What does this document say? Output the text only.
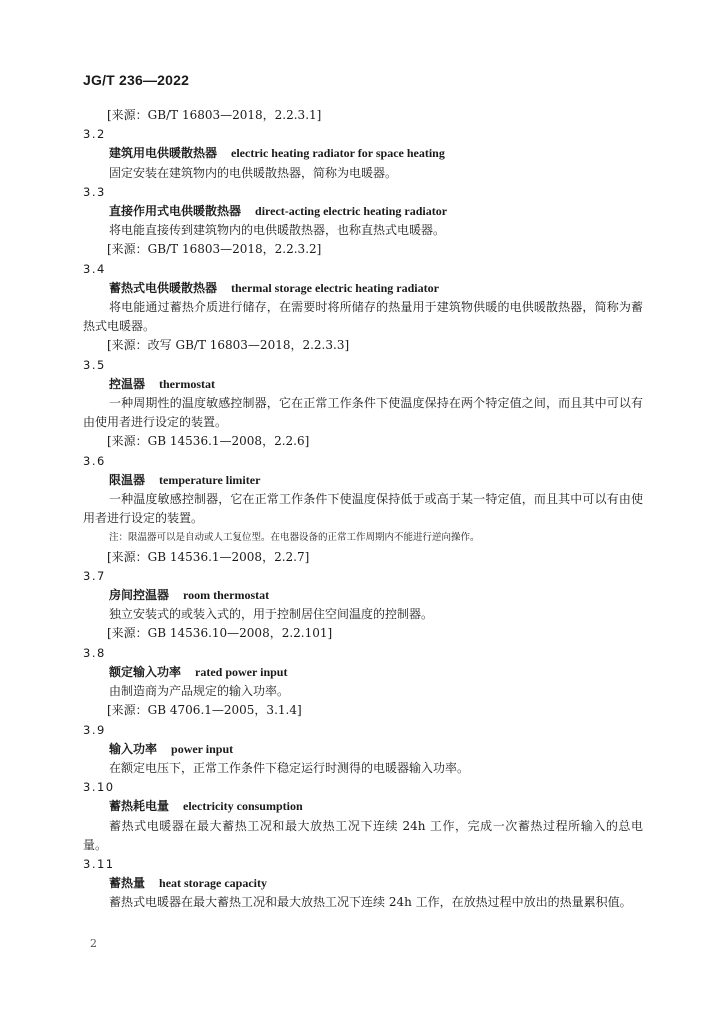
JG/T 236—2022
[来源：GB/T 16803—2018，2.2.3.1]
3.2
建筑用电供暖散热器 electric heating radiator for space heating
固定安装在建筑物内的电供暖散热器，简称为电暖器。
3.3
直接作用式电供暖散热器 direct-acting electric heating radiator
将电能直接传到建筑物内的电供暖散热器，也称直热式电暖器。
[来源：GB/T 16803—2018，2.2.3.2]
3.4
蓄热式电供暖散热器 thermal storage electric heating radiator
将电能通过蓄热介质进行储存，在需要时将所储存的热量用于建筑物供暖的电供暖散热器，简称为蓄热式电暖器。
[来源：改写 GB/T 16803—2018，2.2.3.3]
3.5
控温器 thermostat
一种周期性的温度敏感控制器，它在正常工作条件下使温度保持在两个特定值之间，而且其中可以有由使用者进行设定的装置。
[来源：GB 14536.1—2008，2.2.6]
3.6
限温器 temperature limiter
一种温度敏感控制器，它在正常工作条件下使温度保持低于或高于某一特定值，而且其中可以有由使用者进行设定的装置。
注：限温器可以是自动或人工复位型。在电器设备的正常工作周期内不能进行逆向操作。
[来源：GB 14536.1—2008，2.2.7]
3.7
房间控温器 room thermostat
独立安装式的或装入式的，用于控制居住空间温度的控制器。
[来源：GB 14536.10—2008，2.2.101]
3.8
额定输入功率 rated power input
由制造商为产品规定的输入功率。
[来源：GB 4706.1—2005，3.1.4]
3.9
输入功率 power input
在额定电压下，正常工作条件下稳定运行时测得的电暖器输入功率。
3.10
蓄热耗电量 electricity consumption
蓄热式电暖器在最大蓄热工况和最大放热工况下连续 24h 工作，完成一次蓄热过程所输入的总电量。
3.11
蓄热量 heat storage capacity
蓄热式电暖器在最大蓄热工况和最大放热工况下连续 24h 工作，在放热过程中放出的热量累积值。
2
